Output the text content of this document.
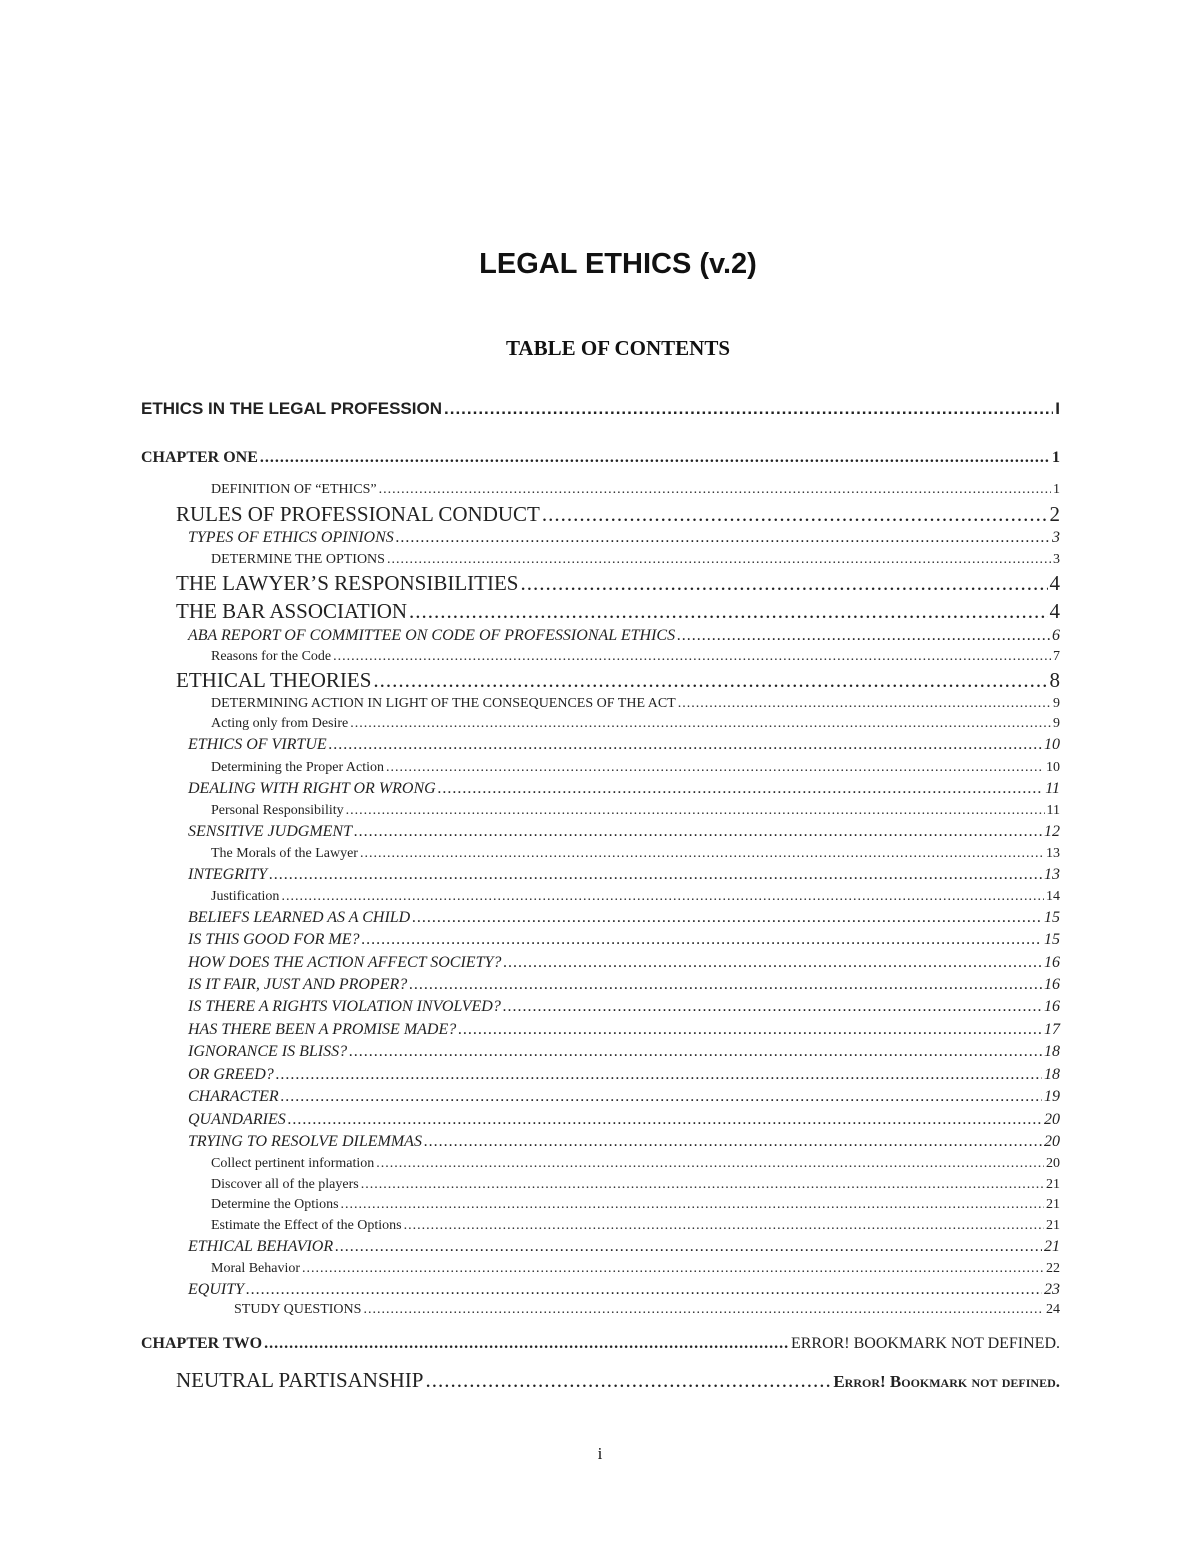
LEGAL ETHICS (v.2)
TABLE OF CONTENTS
ETHICS IN THE LEGAL PROFESSION .....	I
CHAPTER ONE .....	1
DEFINITION OF “ETHICS” .....	1
RULES OF PROFESSIONAL CONDUCT .....	2
TYPES OF ETHICS OPINIONS .....	3
DETERMINE THE OPTIONS .....	3
THE LAWYER’S RESPONSIBILITIES .....	4
THE BAR ASSOCIATION .....	4
ABA REPORT OF COMMITTEE ON CODE OF PROFESSIONAL ETHICS .....	6
Reasons for the Code .....	7
ETHICAL THEORIES .....	8
DETERMINING ACTION IN LIGHT OF THE CONSEQUENCES OF THE ACT .....	9
Acting only from Desire .....	9
ETHICS OF VIRTUE .....	10
Determining the Proper Action .....	10
DEALING WITH RIGHT OR WRONG .....	11
Personal Responsibility .....	11
SENSITIVE JUDGMENT .....	12
The Morals of the Lawyer .....	13
INTEGRITY .....	13
Justification .....	14
BELIEFS LEARNED AS A CHILD .....	15
IS THIS GOOD FOR ME? .....	15
HOW DOES THE ACTION AFFECT SOCIETY? .....	16
IS IT FAIR, JUST AND PROPER? .....	16
IS THERE A RIGHTS VIOLATION INVOLVED? .....	16
HAS THERE BEEN A PROMISE MADE? .....	17
IGNORANCE IS BLISS? .....	18
OR GREED? .....	18
CHARACTER .....	19
QUANDARIES .....	20
TRYING TO RESOLVE DILEMMAS .....	20
Collect pertinent information .....	20
Discover all of the players .....	21
Determine the Options .....	21
Estimate the Effect of the Options .....	21
ETHICAL BEHAVIOR .....	21
Moral Behavior .....	22
EQUITY .....	23
STUDY QUESTIONS .....	24
CHAPTER TWO .....	ERROR! BOOKMARK NOT DEFINED.
NEUTRAL PARTISANSHIP .....	Error! Bookmark not defined.
i
